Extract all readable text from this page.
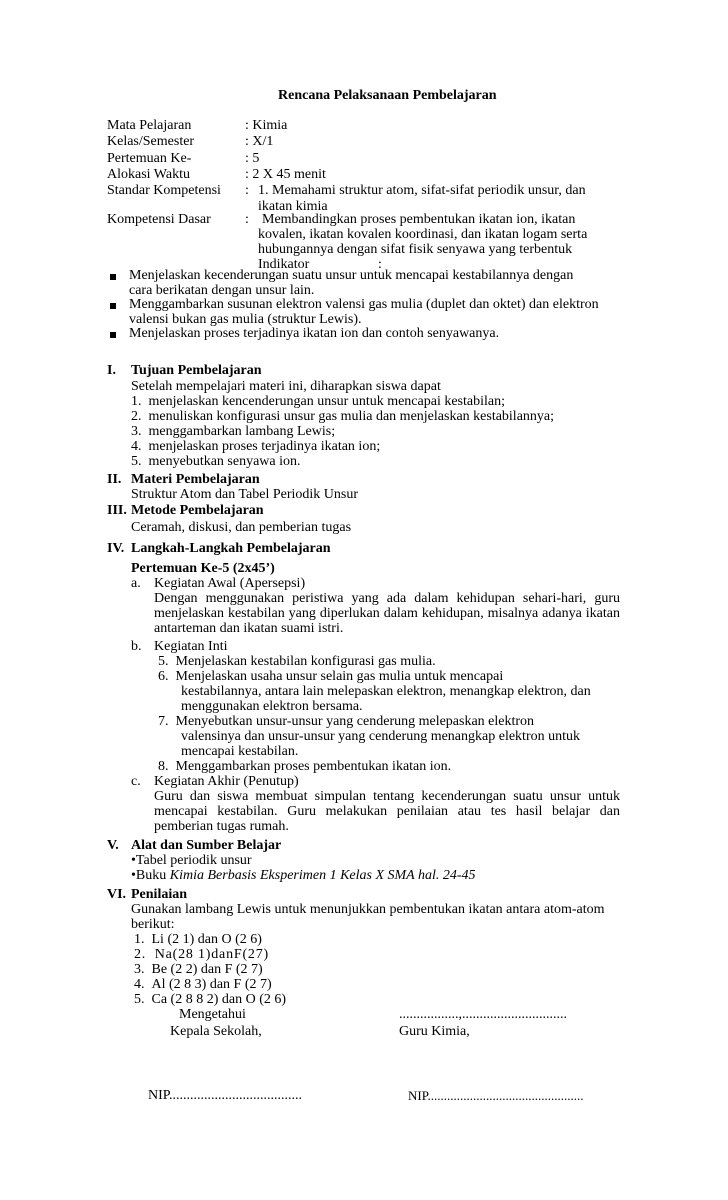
Rencana Pelaksanaan Pembelajaran
Mata Pelajaran	: Kimia
Kelas/Semester	: X/1
Pertemuan Ke-	: 5
Alokasi Waktu	: 2 X 45 menit
Standar Kompetensi : 1. Memahami struktur atom, sifat-sifat periodik unsur, dan
ikatan kimia
Kompetensi Dasar : Membandingkan proses pembentukan ikatan ion, ikatan
kovalen, ikatan kovalen koordinasi, dan ikatan logam serta
hubungannya dengan sifat fisik senyawa yang terbentuk
Indikator	:
Menjelaskan kecenderungan suatu unsur untuk mencapai kestabilannya dengan
cara berikatan dengan unsur lain.
Menggambarkan susunan elektron valensi gas mulia (duplet dan oktet) dan elektron
valensi bukan gas mulia (struktur Lewis).
Menjelaskan proses terjadinya ikatan ion dan contoh senyawanya.
I. Tujuan Pembelajaran
Setelah mempelajari materi ini, diharapkan siswa dapat
1.  menjelaskan kencenderungan unsur untuk mencapai kestabilan;
2.  menuliskan konfigurasi unsur gas mulia dan menjelaskan kestabilannya;
3.  menggambarkan lambang Lewis;
4.  menjelaskan proses terjadinya ikatan ion;
5.  menyebutkan senyawa ion.
II. Materi Pembelajaran
Struktur Atom dan Tabel Periodik Unsur
III. Metode Pembelajaran
Ceramah, diskusi, dan pemberian tugas
IV. Langkah-Langkah Pembelajaran
Pertemuan Ke-5 (2x45’)
a. Kegiatan Awal (Apersepsi)
Dengan menggunakan peristiwa yang ada dalam kehidupan sehari-hari, guru
menjelaskan kestabilan yang diperlukan dalam kehidupan, misalnya adanya ikatan
antarteman dan ikatan suami istri.
b. Kegiatan Inti
5.  Menjelaskan kestabilan konfigurasi gas mulia.
6.  Menjelaskan usaha unsur selain gas mulia untuk mencapai
kestabilannya, antara lain melepaskan elektron, menangkap elektron, dan
menggunakan elektron bersama.
7.  Menyebutkan unsur-unsur yang cenderung melepaskan elektron
valensinya dan unsur-unsur yang cenderung menangkap elektron untuk
mencapai kestabilan.
8.  Menggambarkan proses pembentukan ikatan ion.
c. Kegiatan Akhir (Penutup)
Guru dan siswa membuat simpulan tentang kecenderungan suatu unsur untuk
mencapai kestabilan. Guru melakukan penilaian atau tes hasil belajar dan
pemberian tugas rumah.
V. Alat dan Sumber Belajar
•Tabel periodik unsur
•Buku Kimia Berbasis Eksperimen 1 Kelas X SMA hal. 24-45
VI. Penilaian
Gunakan lambang Lewis untuk menunjukkan pembentukan ikatan antara atom-atom
berikut:
1.  Li (2 1) dan O (2 6)
2.  Na(28 1)danF(27)
3.  Be (2 2) dan F (2 7)
4.  Al (2 8 3) dan F (2 7)
5.  Ca (2 8 8 2) dan O (2 6)
Mengetahui	.................,..............................
Kepala Sekolah,	Guru Kimia,
NIP......................................	NIP................................................
